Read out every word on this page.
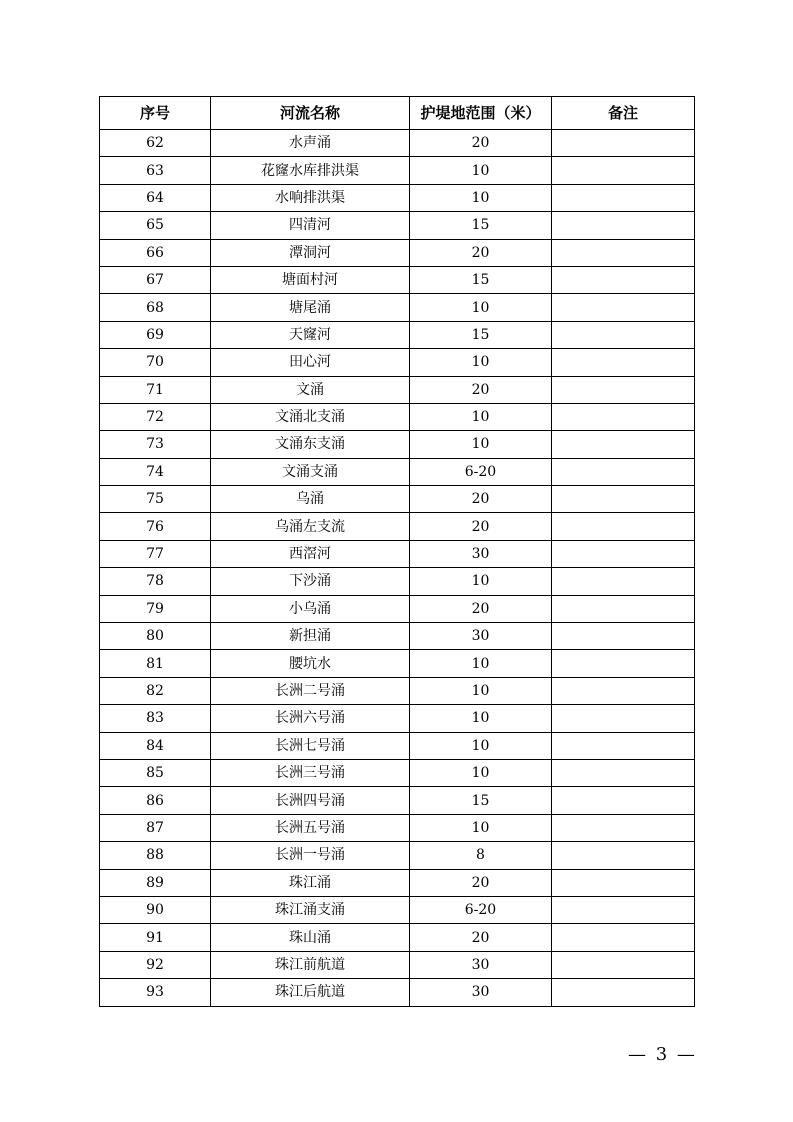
序号	河流名称	护堤地范围（米）	备注
62	水声涌	20	
63	花窿水库排洪渠	10	
64	水响排洪渠	10	
65	四清河	15	
66	潭洞河	20	
67	塘面村河	15	
68	塘尾涌	10	
69	天窿河	15	
70	田心河	10	
71	文涌	20	
72	文涌北支涌	10	
73	文涌东支涌	10	
74	文涌支涌	6-20	
75	乌涌	20	
76	乌涌左支流	20	
77	西滘河	30	
78	下沙涌	10	
79	小乌涌	20	
80	新担涌	30	
81	腰坑水	10	
82	长洲二号涌	10	
83	长洲六号涌	10	
84	长洲七号涌	10	
85	长洲三号涌	10	
86	长洲四号涌	15	
87	长洲五号涌	10	
88	长洲一号涌	8	
89	珠江涌	20	
90	珠江涌支涌	6-20	
91	珠山涌	20	
92	珠江前航道	30	
93	珠江后航道	30	
— 3 —
